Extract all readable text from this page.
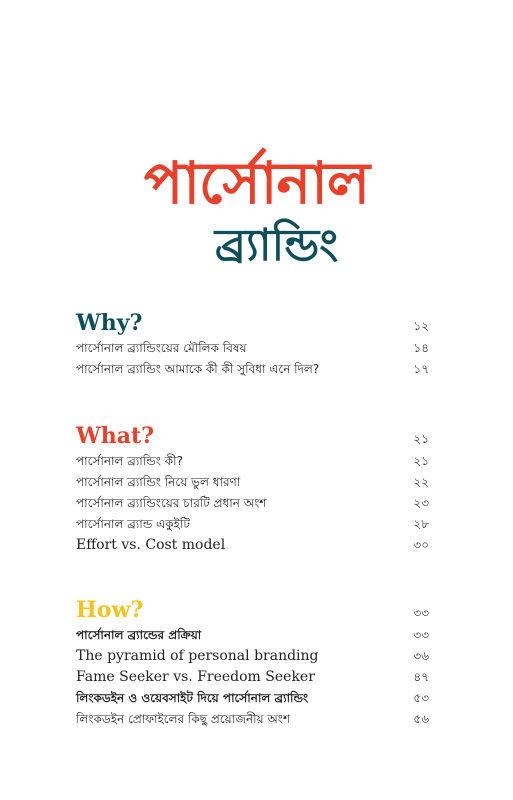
পার্সোনাল
ব্র্যান্ডিং
Why?	১২
পার্সোনাল ব্র্যান্ডিংয়ের মৌলিক বিষয়	১৪
পার্সোনাল ব্র্যান্ডিং আমাকে কী কী সুবিধা এনে দিল?	১৭
What?	২১
পার্সোনাল ব্র্যান্ডিং কী?	২১
পার্সোনাল ব্র্যান্ডিং নিয়ে ভুল ধারণা	২২
পার্সোনাল ব্র্যান্ডিংয়ের চারটি প্রধান অংশ	২৩
পার্সোনাল ব্র্যান্ড একুইটি	২৮
Effort vs. Cost model	৩০
How?	৩৩
পার্সোনাল ব্র্যান্ডের প্রক্রিয়া	৩৩
The pyramid of personal branding	৩৬
Fame Seeker vs. Freedom Seeker	৪৭
লিংকডইন ও ওয়েবসাইট দিয়ে পার্সোনাল ব্র্যান্ডিং	৫৩
লিংকডইন প্রোফাইলের কিছু প্রয়োজনীয় অংশ	৫৬
